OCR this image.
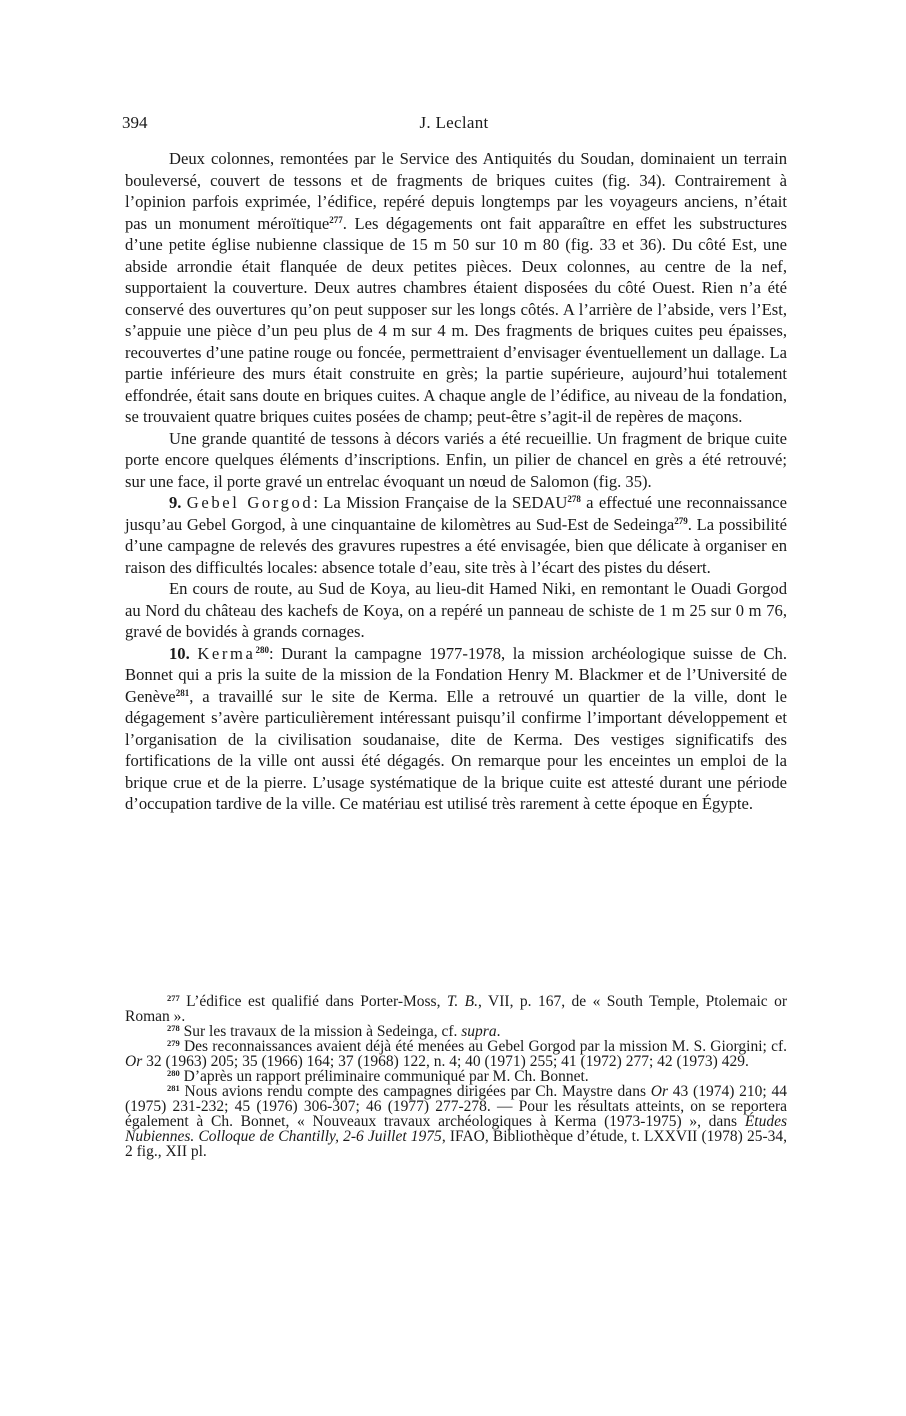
394	J. Leclant

Deux colonnes, remontées par le Service des Antiquités du Soudan, dominaient un terrain bouleversé, couvert de tessons et de fragments de briques cuites (fig. 34). Contrairement à l’opinion parfois exprimée, l’édifice, repéré depuis longtemps par les voyageurs anciens, n’était pas un monument méroïtique$^{277}$. Les dégagements ont fait apparaître en effet les substructures d’une petite église nubienne classique de 15 m 50 sur 10 m 80 (fig. 33 et 36). Du côté Est, une abside arrondie était flanquée de deux petites pièces. Deux colonnes, au centre de la nef, supportaient la couverture. Deux autres chambres étaient disposées du côté Ouest. Rien n’a été conservé des ouvertures qu’on peut supposer sur les longs côtés. A l’arrière de l’abside, vers l’Est, s’appuie une pièce d’un peu plus de 4 m sur 4 m. Des fragments de briques cuites peu épaisses, recouvertes d’une patine rouge ou foncée, permettraient d’envisager éventuellement un dallage. La partie inférieure des murs était construite en grès; la partie supérieure, aujourd’hui totalement effondrée, était sans doute en briques cuites. A chaque angle de l’édifice, au niveau de la fondation, se trouvaient quatre briques cuites posées de champ; peut-être s’agit-il de repères de maçons.

Une grande quantité de tessons à décors variés a été recueillie. Un fragment de brique cuite porte encore quelques éléments d’inscriptions. Enfin, un pilier de chancel en grès a été retrouvé; sur une face, il porte gravé un entrelac évoquant un nœud de Salomon (fig. 35).

9. Gebel Gorgod: La Mission Française de la SEDAU$^{278}$ a effectué une reconnaissance jusqu’au Gebel Gorgod, à une cinquantaine de kilomètres au Sud-Est de Sedeinga$^{279}$. La possibilité d’une campagne de relevés des gravures rupestres a été envisagée, bien que délicate à organiser en raison des difficultés locales: absence totale d’eau, site très à l’écart des pistes du désert.

En cours de route, au Sud de Koya, au lieu-dit Hamed Niki, en remontant le Ouadi Gorgod au Nord du château des kachefs de Koya, on a repéré un panneau de schiste de 1 m 25 sur 0 m 76, gravé de bovidés à grands cornages.

10. Kerma$^{280}$: Durant la campagne 1977-1978, la mission archéologique suisse de Ch. Bonnet qui a pris la suite de la mission de la Fondation Henry M. Blackmer et de l’Université de Genève$^{281}$, a travaillé sur le site de Kerma. Elle a retrouvé un quartier de la ville, dont le dégagement s’avère particulièrement intéressant puisqu’il confirme l’important développement et l’organisation de la civilisation soudanaise, dite de Kerma. Des vestiges significatifs des fortifications de la ville ont aussi été dégagés. On remarque pour les enceintes un emploi de la brique crue et de la pierre. L’usage systématique de la brique cuite est attesté durant une période d’occupation tardive de la ville. Ce matériau est utilisé très rarement à cette époque en Égypte.

$^{277}$ L’édifice est qualifié dans Porter-Moss, T. B., VII, p. 167, de « South Temple, Ptolemaic or Roman ».

$^{278}$ Sur les travaux de la mission à Sedeinga, cf. supra.

$^{279}$ Des reconnaissances avaient déjà été menées au Gebel Gorgod par la mission M. S. Giorgini; cf. Or 32 (1963) 205; 35 (1966) 164; 37 (1968) 122, n. 4; 40 (1971) 255; 41 (1972) 277; 42 (1973) 429.

$^{280}$ D’après un rapport préliminaire communiqué par M. Ch. Bonnet.

$^{281}$ Nous avions rendu compte des campagnes dirigées par Ch. Maystre dans Or 43 (1974) 210; 44 (1975) 231-232; 45 (1976) 306-307; 46 (1977) 277-278. — Pour les résultats atteints, on se reportera également à Ch. Bonnet, « Nouveaux travaux archéologiques à Kerma (1973-1975) », dans Études Nubiennes. Colloque de Chantilly, 2-6 Juillet 1975, IFAO, Bibliothèque d’étude, t. LXXVII (1978) 25-34, 2 fig., XII pl.
